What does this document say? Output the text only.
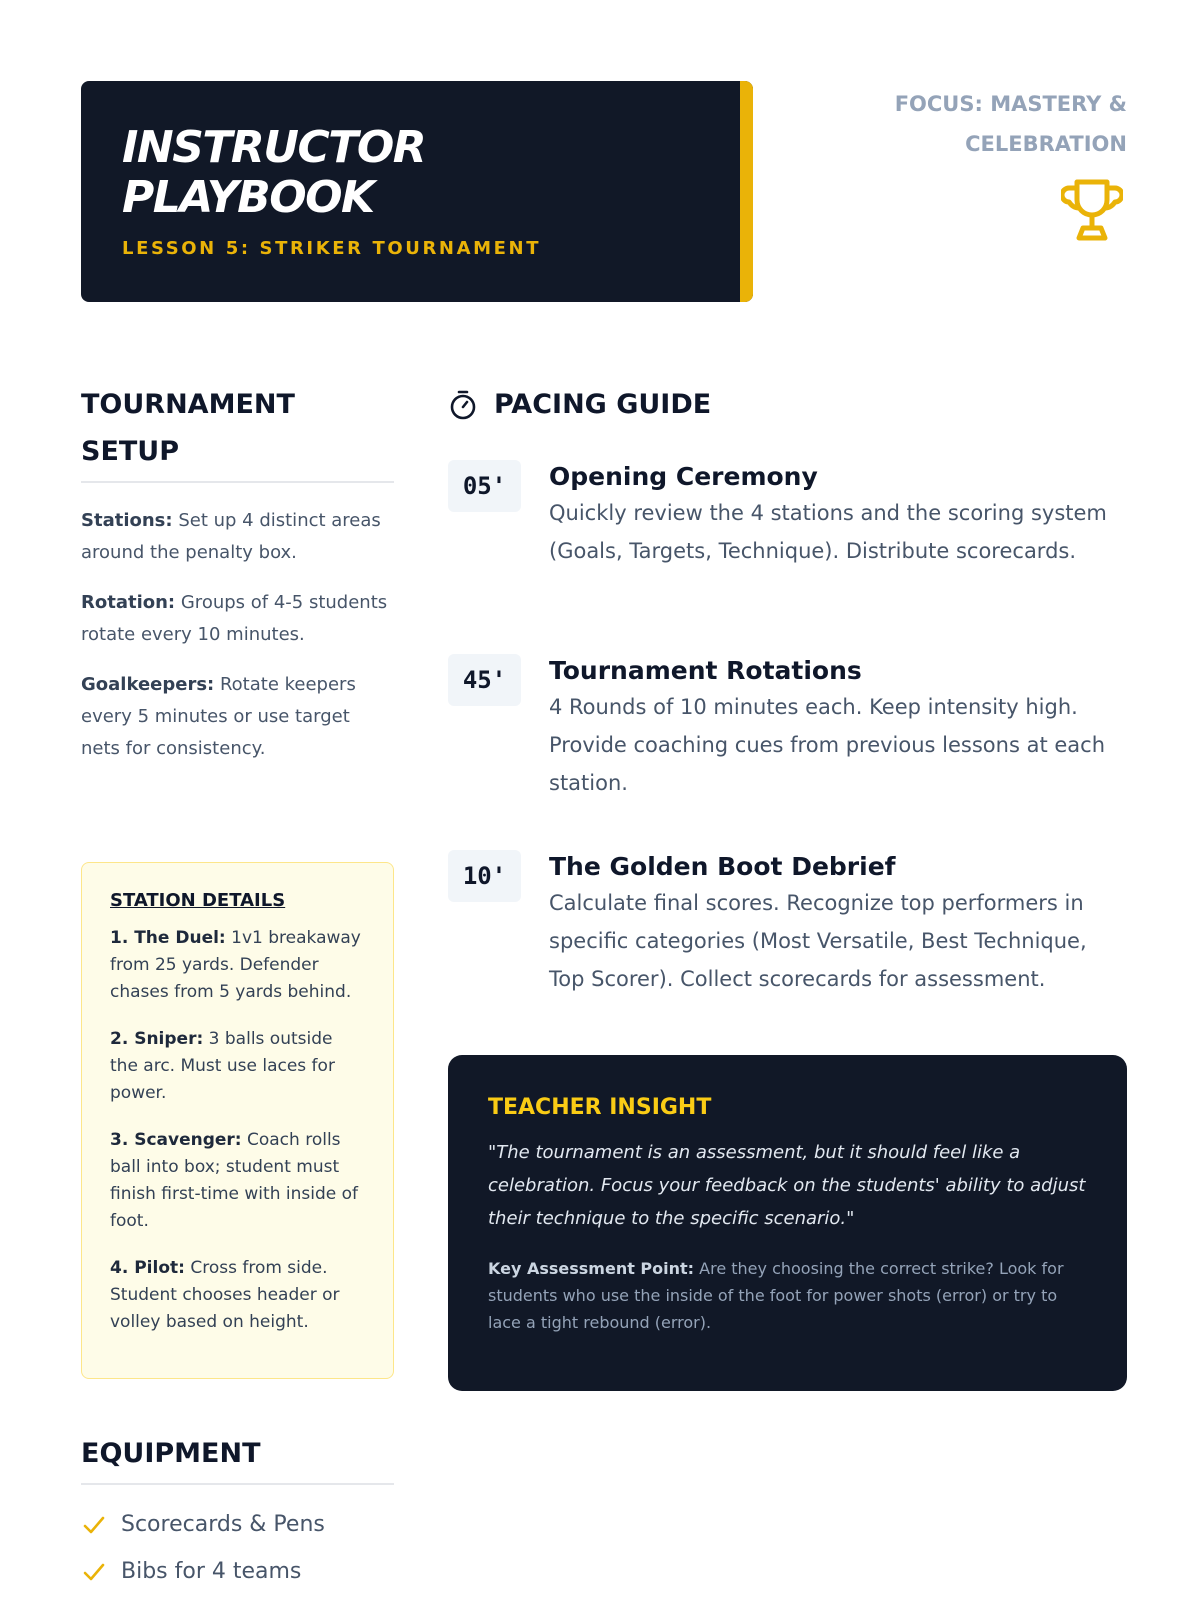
INSTRUCTOR
PLAYBOOK
LESSON 5: STRIKER TOURNAMENT
FOCUS: MASTERY &
CELEBRATION
TOURNAMENT
SETUP

Stations: Set up 4 distinct areas around the penalty box.

Rotation: Groups of 4-5 students rotate every 10 minutes.

Goalkeepers: Rotate keepers every 5 minutes or use target nets for consistency.

STATION DETAILS

1. The Duel: 1v1 breakaway from 25 yards. Defender chases from 5 yards behind.

2. Sniper: 3 balls outside the arc. Must use laces for power.

3. Scavenger: Coach rolls ball into box; student must finish first-time with inside of foot.

4. Pilot: Cross from side. Student chooses header or volley based on height.

EQUIPMENT
Scorecards & Pens
Bibs for 4 teams
PACING GUIDE
05'	Opening Ceremony
Quickly review the 4 stations and the scoring system (Goals, Targets, Technique). Distribute scorecards.
45'	Tournament Rotations
4 Rounds of 10 minutes each. Keep intensity high. Provide coaching cues from previous lessons at each station.
10'	The Golden Boot Debrief
Calculate final scores. Recognize top performers in specific categories (Most Versatile, Best Technique, Top Scorer). Collect scorecards for assessment.
TEACHER INSIGHT

"The tournament is an assessment, but it should feel like a celebration. Focus your feedback on the students' ability to adjust their technique to the specific scenario."

Key Assessment Point: Are they choosing the correct strike? Look for students who use the inside of the foot for power shots (error) or try to lace a tight rebound (error).
